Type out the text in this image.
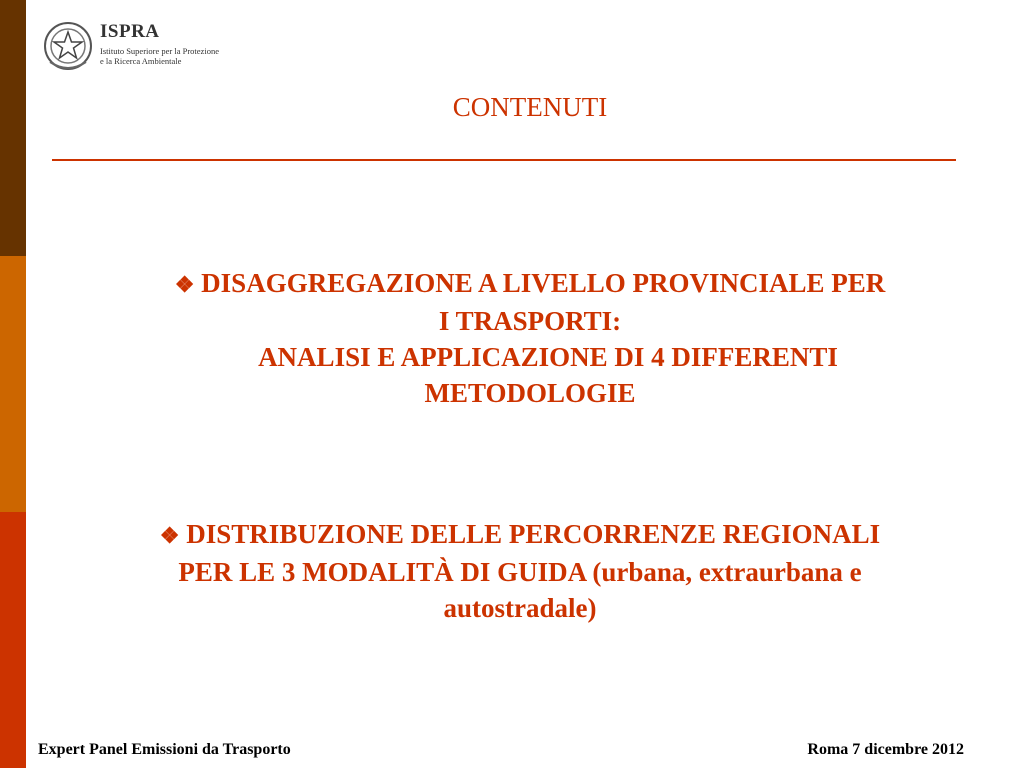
ISPRA
Istituto Superiore per la Protezione
e la Ricerca Ambientale
CONTENUTI
❖ DISAGGREGAZIONE A LIVELLO PROVINCIALE PER
I TRASPORTI:
ANALISI E APPLICAZIONE DI 4 DIFFERENTI
METODOLOGIE
❖ DISTRIBUZIONE DELLE PERCORRENZE REGIONALI
PER LE 3 MODALITÀ DI GUIDA (urbana, extraurbana e
autostradale)
Expert Panel Emissioni da Trasporto	Roma 7 dicembre 2012
